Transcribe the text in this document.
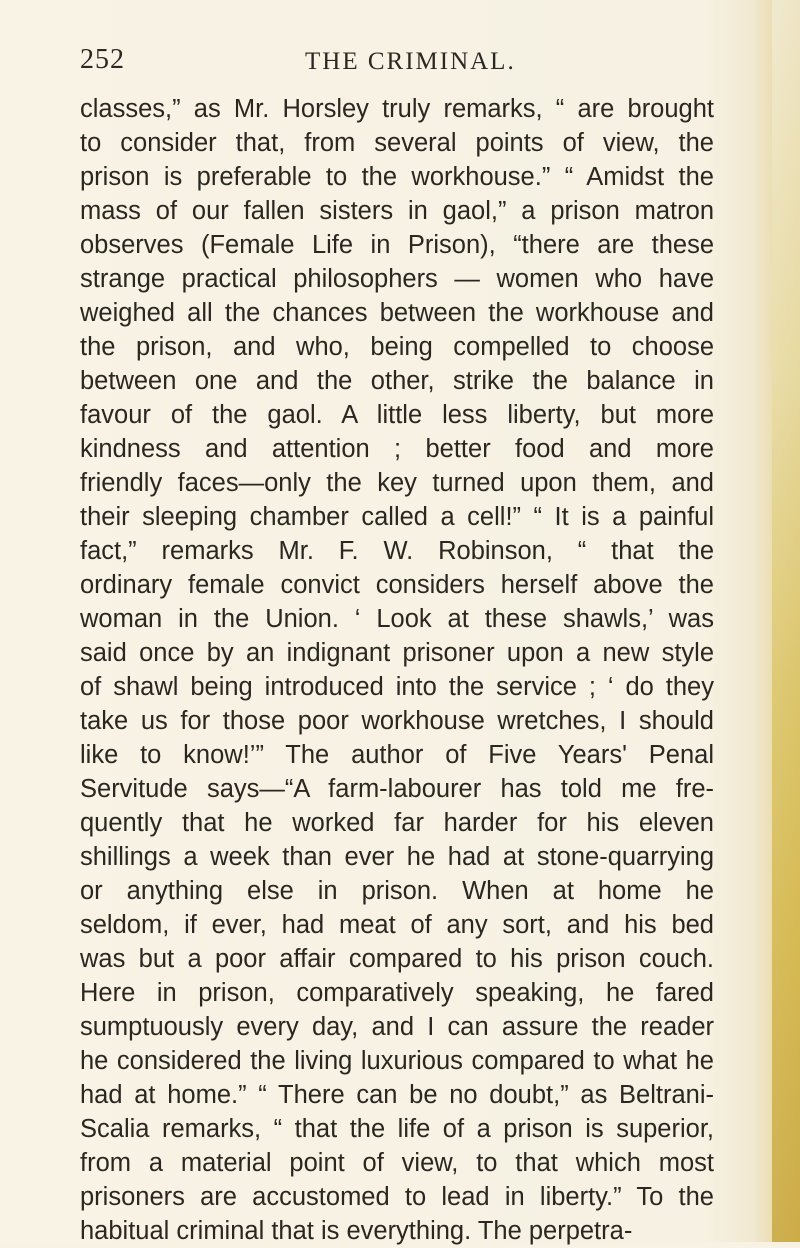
252	THE CRIMINAL.
classes,” as Mr. Horsley truly remarks, “ are brought
to consider that, from several points of view, the
prison is preferable to the workhouse.” “ Amidst the
mass of our fallen sisters in gaol,” a prison matron
observes (Female Life in Prison), “there are these
strange practical philosophers — women who have
weighed all the chances between the workhouse and
the prison, and who, being compelled to choose
between one and the other, strike the balance in
favour of the gaol. A little less liberty, but more
kindness and attention ; better food and more
friendly faces—only the key turned upon them, and
their sleeping chamber called a cell!” “ It is a painful
fact,” remarks Mr. F. W. Robinson, “ that the
ordinary female convict considers herself above the
woman in the Union. ‘ Look at these shawls,’ was
said once by an indignant prisoner upon a new style
of shawl being introduced into the service ; ‘ do they
take us for those poor workhouse wretches, I should
like to know!’” The author of Five Years' Penal
Servitude says—“A farm-labourer has told me fre-
quently that he worked far harder for his eleven
shillings a week than ever he had at stone-quarrying
or anything else in prison. When at home he
seldom, if ever, had meat of any sort, and his bed
was but a poor affair compared to his prison couch.
Here in prison, comparatively speaking, he fared
sumptuously every day, and I can assure the reader
he considered the living luxurious compared to what he
had at home.” “ There can be no doubt,” as Beltrani-
Scalia remarks, “ that the life of a prison is superior,
from a material point of view, to that which most
prisoners are accustomed to lead in liberty.” To the
habitual criminal that is everything. The perpetra-
